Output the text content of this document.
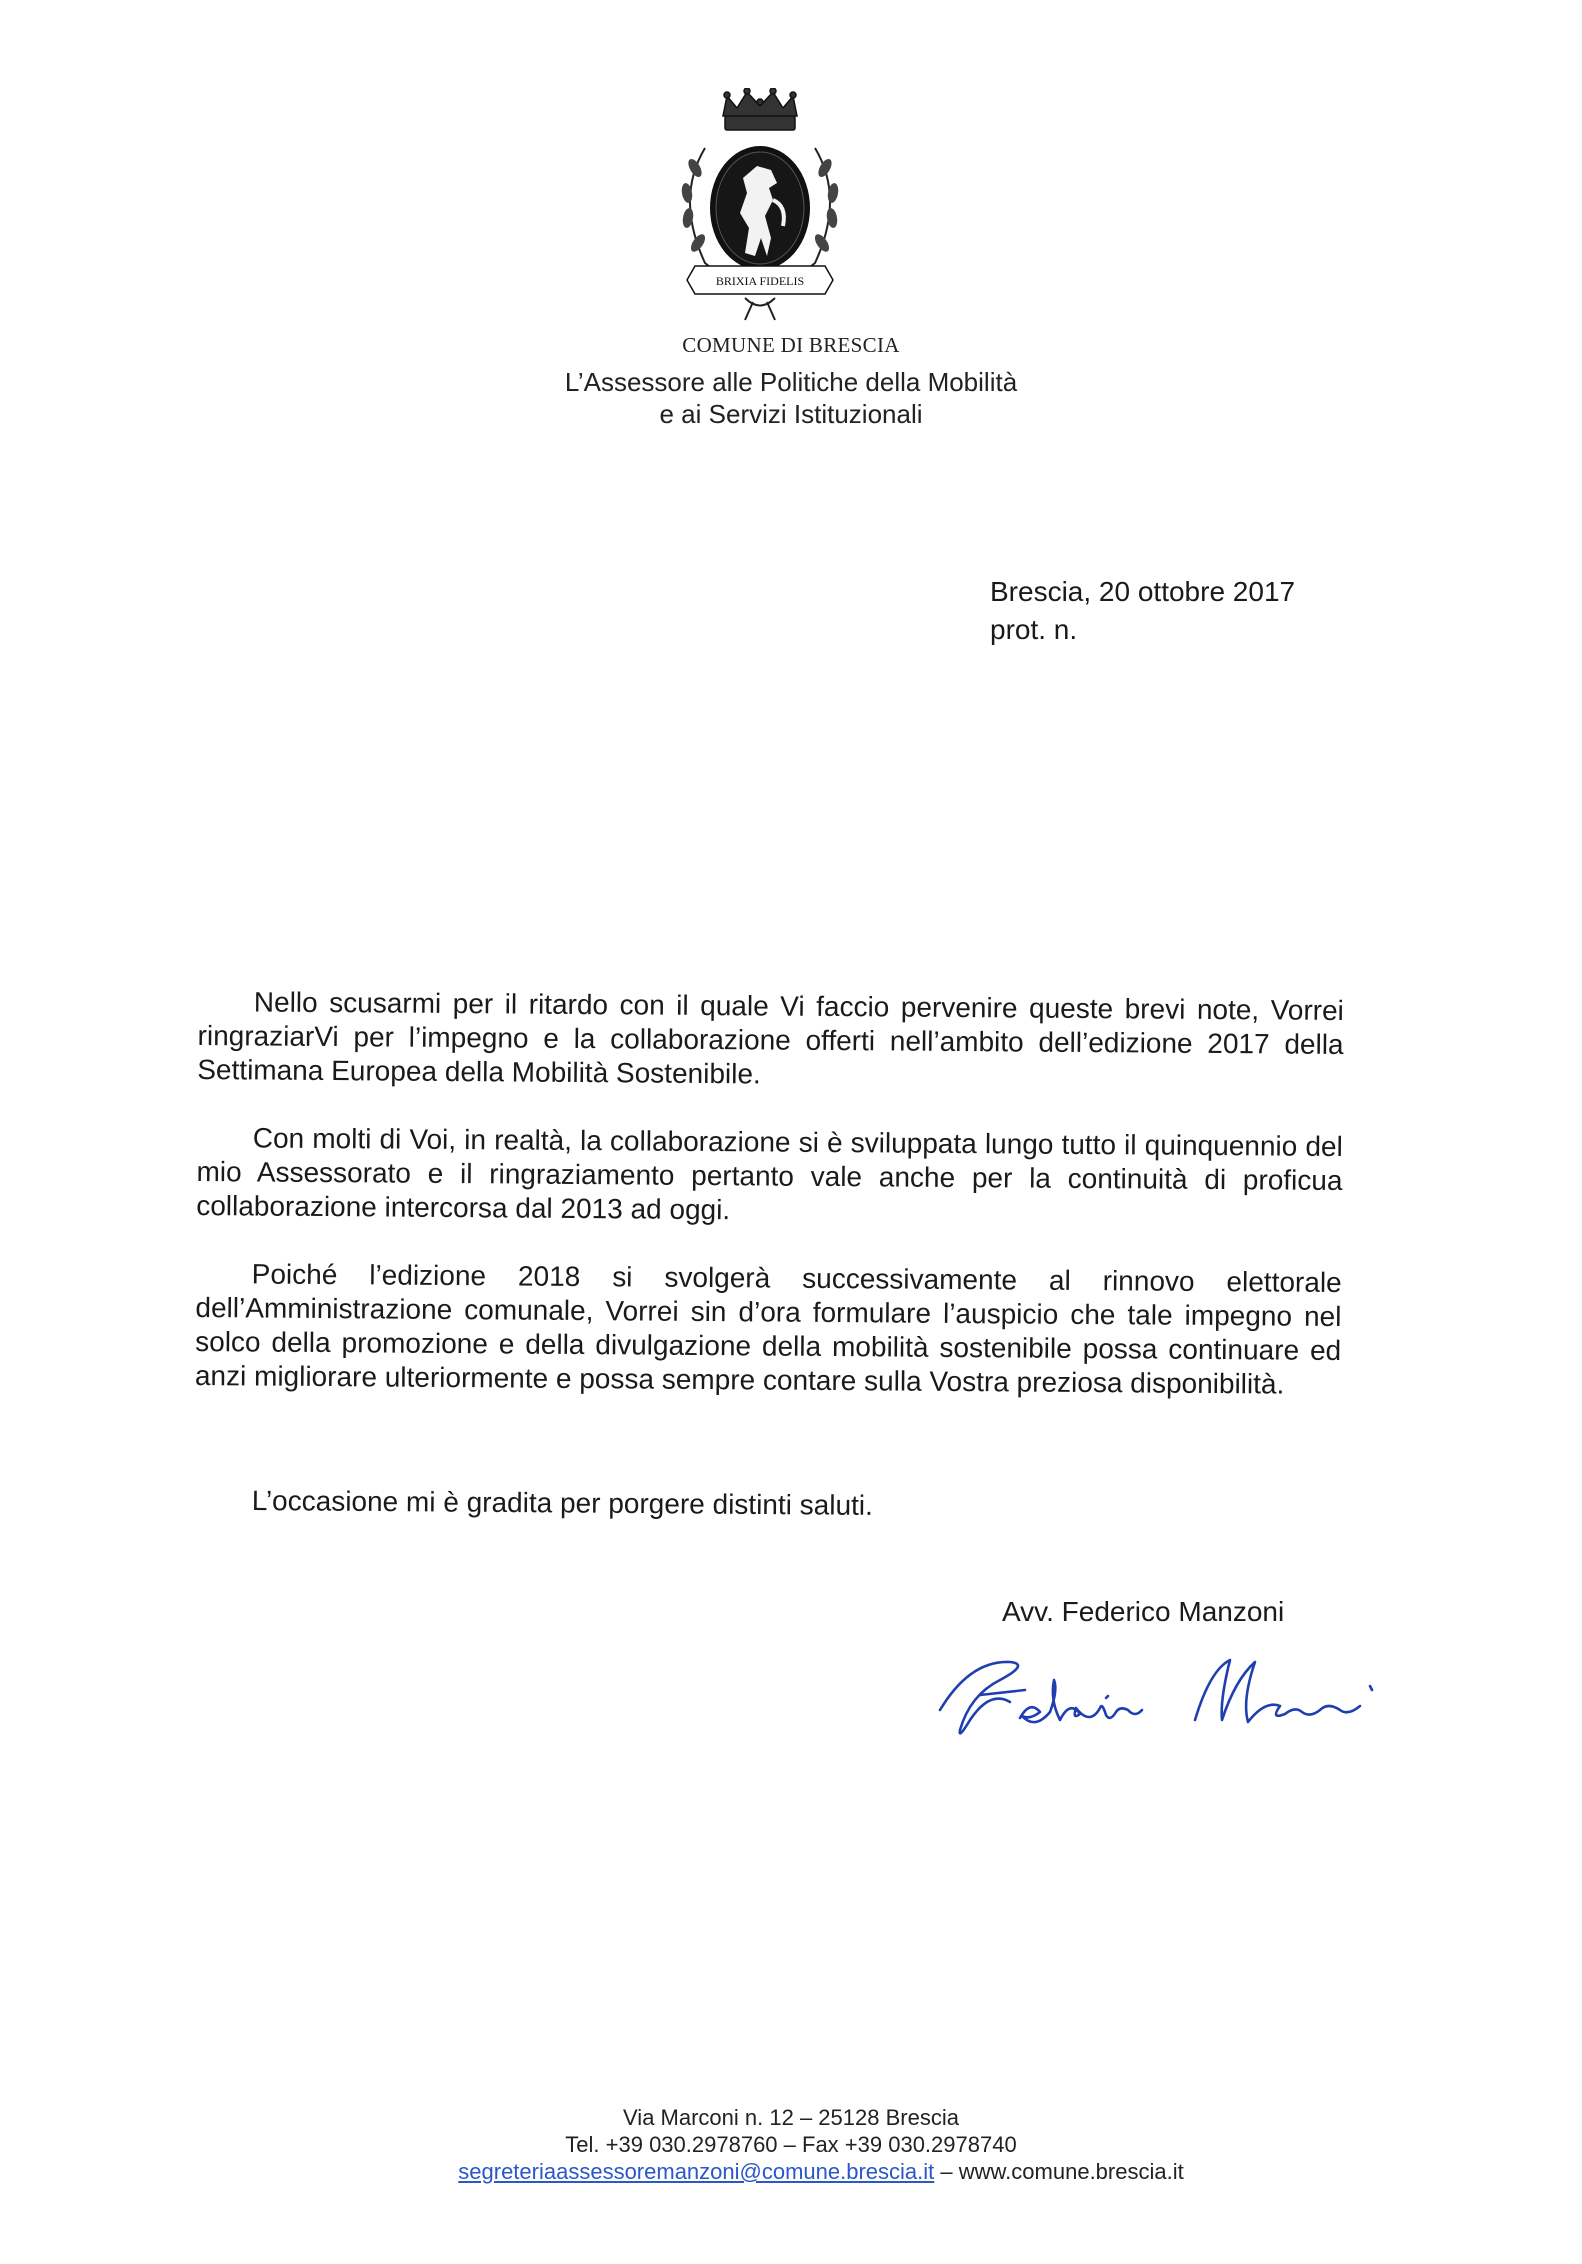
BRIXIA FIDELIS
COMUNE DI BRESCIA
L’Assessore alle Politiche della Mobilità
e ai Servizi Istituzionali
Brescia, 20 ottobre 2017
prot. n.

Nello scusarmi per il ritardo con il quale Vi faccio pervenire queste brevi note, Vorrei ringraziarVi per l’impegno e la collaborazione offerti nell’ambito dell’edizione 2017 della Settimana Europea della Mobilità Sostenibile.

Con molti di Voi, in realtà, la collaborazione si è sviluppata lungo tutto il quinquennio del mio Assessorato e il ringraziamento pertanto vale anche per la continuità di proficua collaborazione intercorsa dal 2013 ad oggi.

Poiché l’edizione 2018 si svolgerà successivamente al rinnovo elettorale dell’Amministrazione comunale, Vorrei sin d’ora formulare l’auspicio che tale impegno nel solco della promozione e della divulgazione della mobilità sostenibile possa continuare ed anzi migliorare ulteriormente e possa sempre contare sulla Vostra preziosa disponibilità.

L’occasione mi è gradita per porgere distinti saluti.
Avv. Federico Manzoni
Via Marconi n. 12 – 25128 Brescia
Tel. +39 030.2978760 – Fax +39 030.2978740
segreteriaassessoremanzoni@comune.brescia.it – www.comune.brescia.it
